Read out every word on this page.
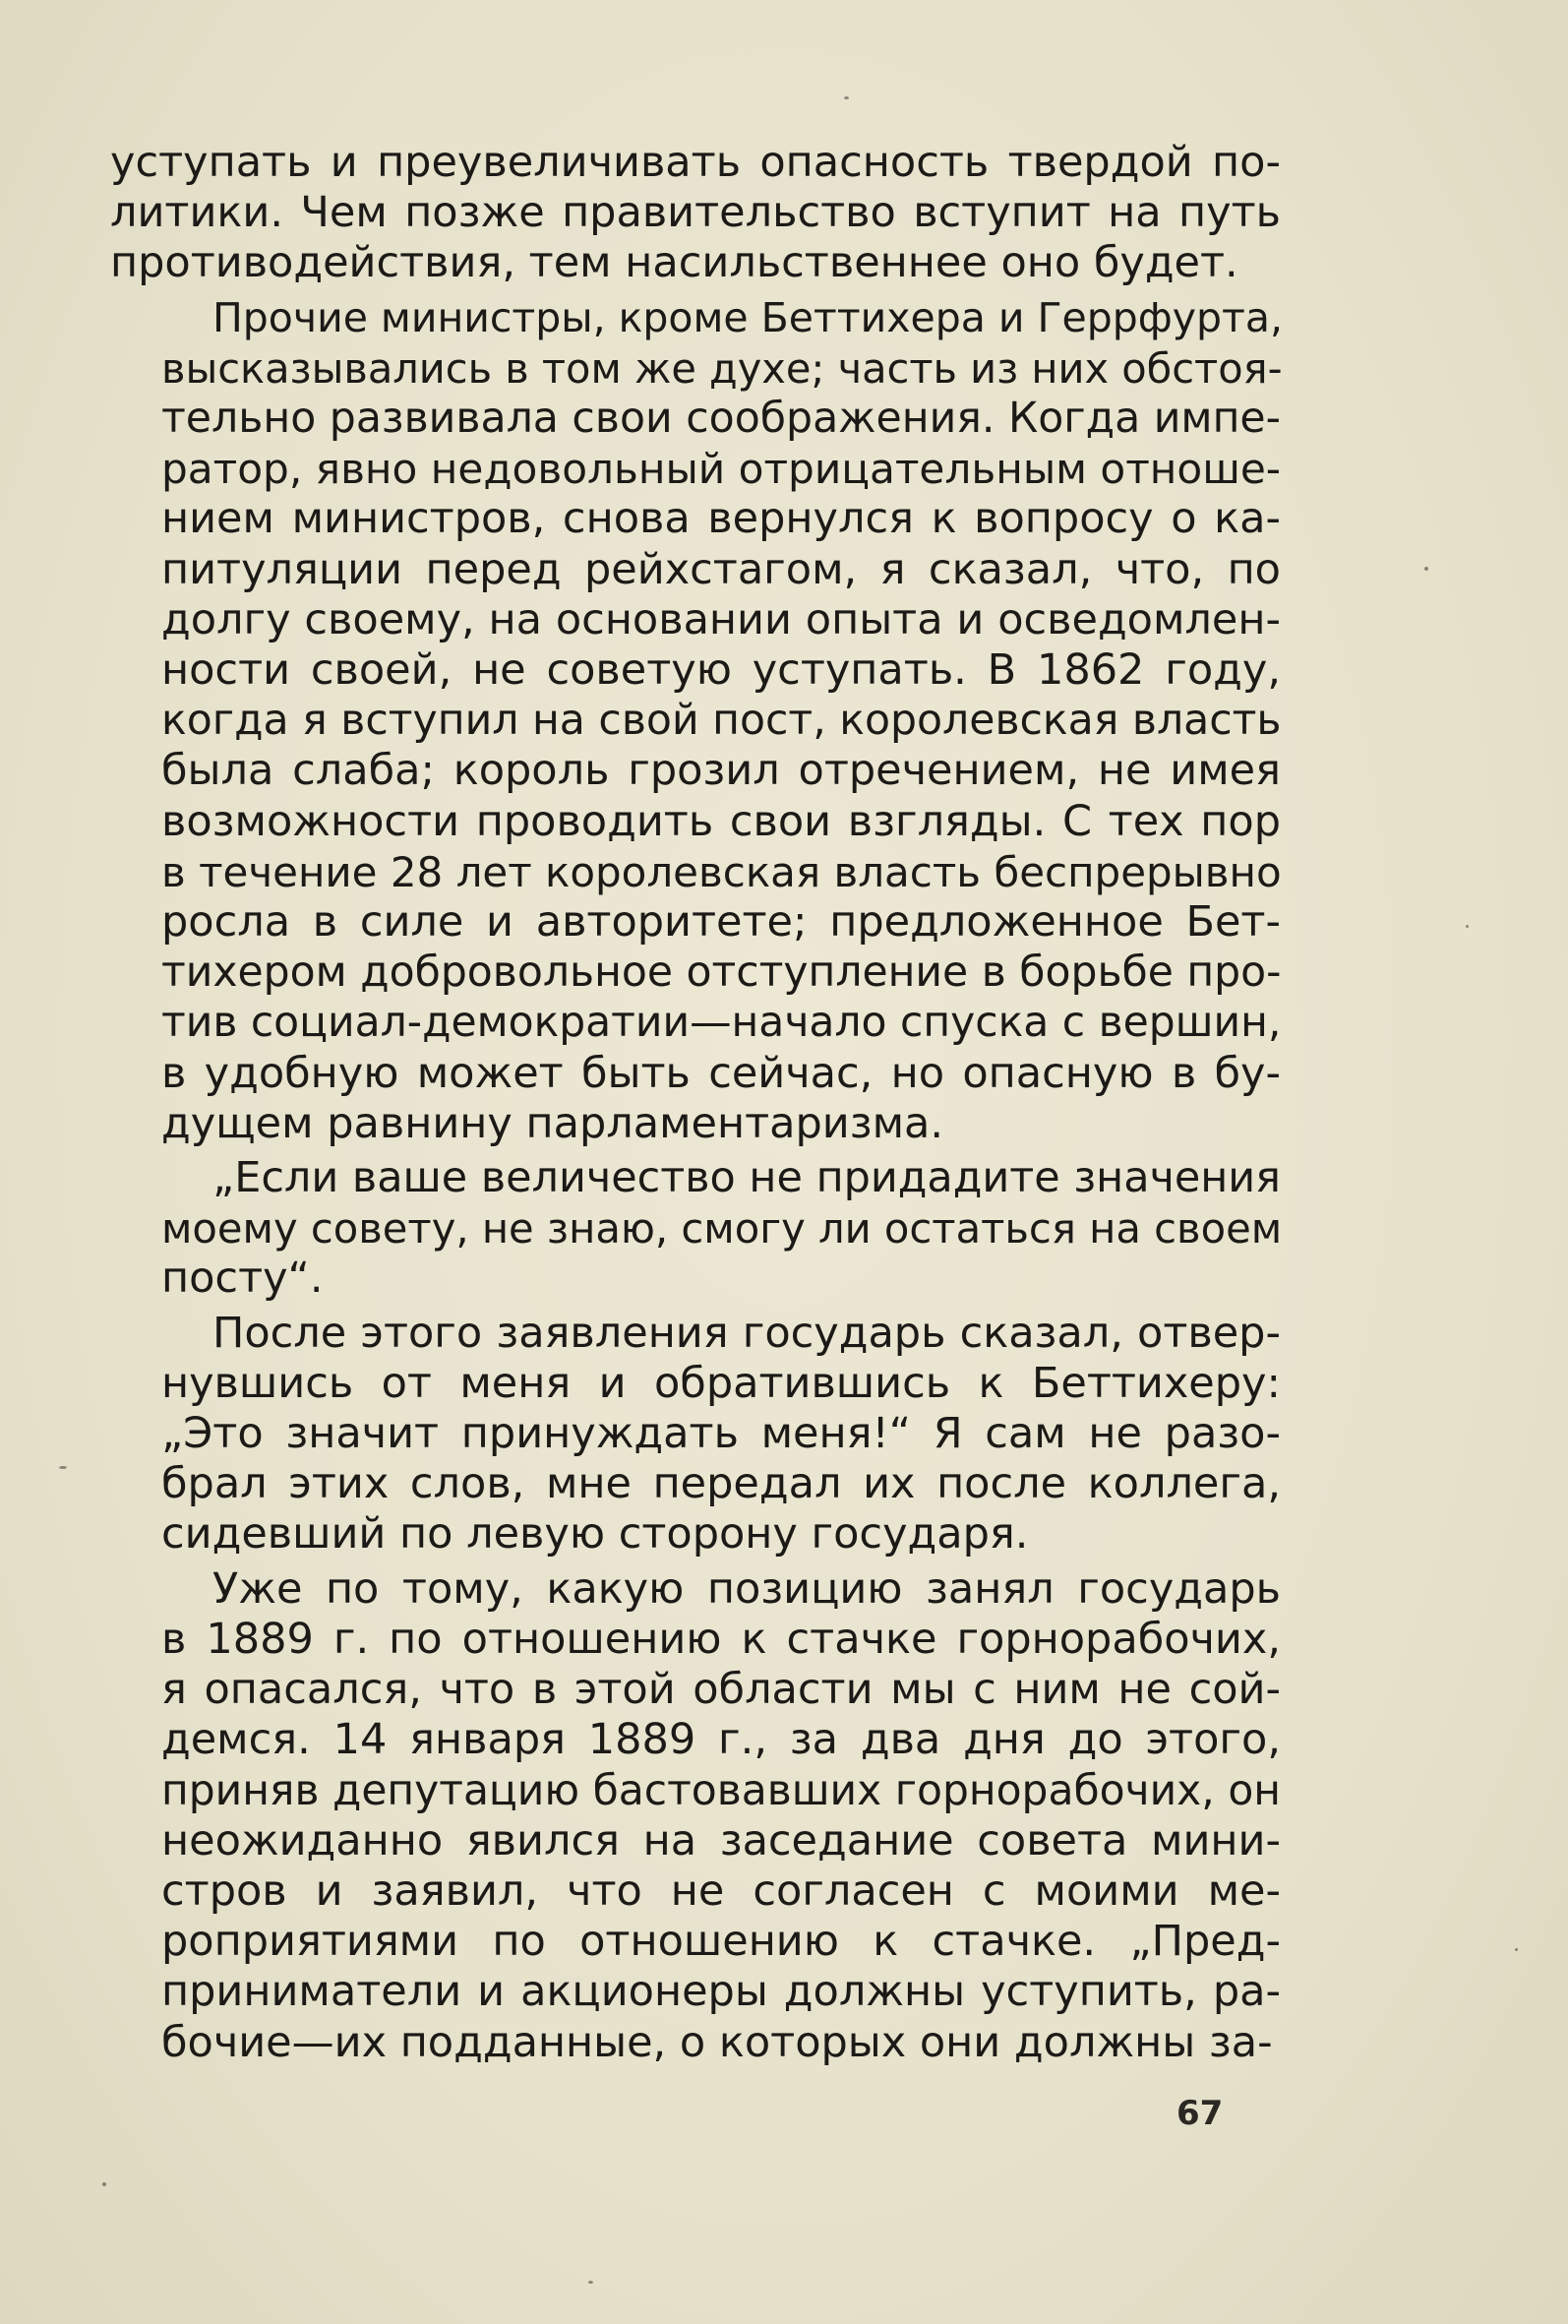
уступать и преувеличивать опасность твердой по-
литики. Чем позже правительство вступит на путь
противодействия, тем насильственнее оно будет.
Прочие министры, кроме Беттихера и Геррфурта,
высказывались в том же духе; часть из них обстоя-
тельно развивала свои соображения. Когда импе-
ратор, явно недовольный отрицательным отноше-
нием министров, снова вернулся к вопросу о ка-
питуляции перед рейхстагом, я сказал, что, по
долгу своему, на основании опыта и осведомлен-
ности своей, не советую уступать. В 1862 году,
когда я вступил на свой пост, королевская власть
была слаба; король грозил отречением, не имея
возможности проводить свои взгляды. С тех пор
в течение 28 лет королевская власть беспрерывно
росла в силе и авторитете; предложенное Бет-
тихером добровольное отступление в борьбе про-
тив социал-демократии—начало спуска с вершин,
в удобную может быть сейчас, но опасную в бу-
дущем равнину парламентаризма.
„Если ваше величество не придадите значения
моему совету, не знаю, смогу ли остаться на своем
посту“.
После этого заявления государь сказал, отвер-
нувшись от меня и обратившись к Беттихеру:
„Это значит принуждать меня!“ Я сам не разо-
брал этих слов, мне передал их после коллега,
сидевший по левую сторону государя.
Уже по тому, какую позицию занял государь
в 1889 г. по отношению к стачке горнорабочих,
я опасался, что в этой области мы с ним не сой-
демся. 14 января 1889 г., за два дня до этого,
приняв депутацию бастовавших горнорабочих, он
неожиданно явился на заседание совета мини-
стров и заявил, что не согласен с моими ме-
роприятиями по отношению к стачке. „Пред-
приниматели и акционеры должны уступить, ра-
бочие—их подданные, о которых они должны за-
67
